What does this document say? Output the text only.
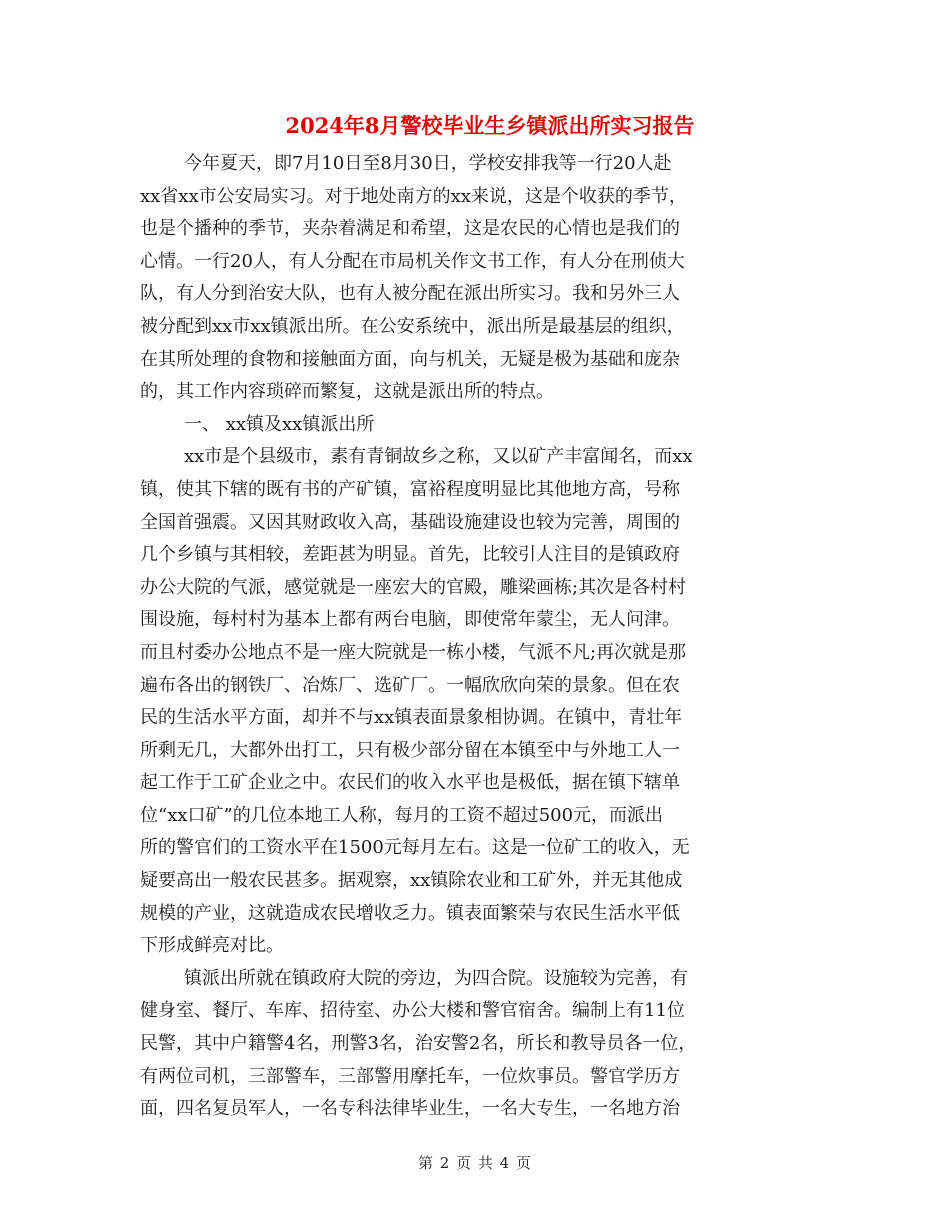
2024年8月警校毕业生乡镇派出所实习报告
今年夏天，即7月10日至8月30日，学校安排我等一行20人赴
xx省xx市公安局实习。对于地处南方的xx来说，这是个收获的季节，
也是个播种的季节，夹杂着满足和希望，这是农民的心情也是我们的
心情。一行20人，有人分配在市局机关作文书工作，有人分在刑侦大
队，有人分到治安大队，也有人被分配在派出所实习。我和另外三人
被分配到xx市xx镇派出所。在公安系统中，派出所是最基层的组织，
在其所处理的食物和接触面方面，向与机关，无疑是极为基础和庞杂
的，其工作内容琐碎而繁复，这就是派出所的特点。
一、 xx镇及xx镇派出所
xx市是个县级市，素有青铜故乡之称，又以矿产丰富闻名，而xx
镇，使其下辖的既有书的产矿镇，富裕程度明显比其他地方高，号称
全国首强震。又因其财政收入高，基础设施建设也较为完善，周围的
几个乡镇与其相较，差距甚为明显。首先，比较引人注目的是镇政府
办公大院的气派，感觉就是一座宏大的官殿，雕梁画栋;其次是各村村
围设施，每村村为基本上都有两台电脑，即使常年蒙尘，无人问津。
而且村委办公地点不是一座大院就是一栋小楼，气派不凡;再次就是那
遍布各出的钢铁厂、冶炼厂、选矿厂。一幅欣欣向荣的景象。但在农
民的生活水平方面，却并不与xx镇表面景象相协调。在镇中，青壮年
所剩无几，大都外出打工，只有极少部分留在本镇至中与外地工人一
起工作于工矿企业之中。农民们的收入水平也是极低，据在镇下辖单
位“xx口矿”的几位本地工人称，每月的工资不超过500元，而派出
所的警官们的工资水平在1500元每月左右。这是一位矿工的收入，无
疑要高出一般农民甚多。据观察，xx镇除农业和工矿外，并无其他成
规模的产业，这就造成农民增收乏力。镇表面繁荣与农民生活水平低
下形成鲜亮对比。
镇派出所就在镇政府大院的旁边，为四合院。设施较为完善，有
健身室、餐厅、车库、招待室、办公大楼和警官宿舍。编制上有11位
民警，其中户籍警4名，刑警3名，治安警2名，所长和教导员各一位，
有两位司机，三部警车，三部警用摩托车，一位炊事员。警官学历方
面，四名复员军人，一名专科法律毕业生，一名大专生，一名地方治
第 2 页 共 4 页
